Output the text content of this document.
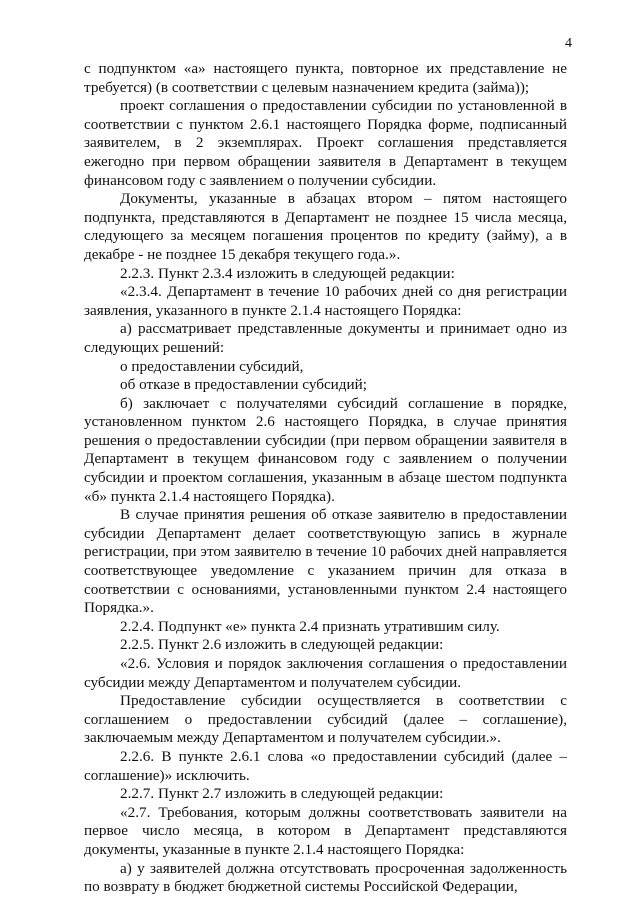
4

с подпунктом «а» настоящего пункта, повторное их представление не требуется) (в соответствии с целевым назначением кредита (займа));

проект соглашения о предоставлении субсидии по установленной в соответствии с пунктом 2.6.1 настоящего Порядка форме, подписанный заявителем, в 2 экземплярах. Проект соглашения представляется ежегодно при первом обращении заявителя в Департамент в текущем финансовом году с заявлением о получении субсидии.

Документы, указанные в абзацах втором – пятом настоящего подпункта, представляются в Департамент не позднее 15 числа месяца, следующего за месяцем погашения процентов по кредиту (займу), а в декабре - не позднее 15 декабря текущего года.».

2.2.3. Пункт 2.3.4 изложить в следующей редакции:

«2.3.4. Департамент в течение 10 рабочих дней со дня регистрации заявления, указанного в пункте 2.1.4 настоящего Порядка:

а) рассматривает представленные документы и принимает одно из следующих решений:

о предоставлении субсидий,

об отказе в предоставлении субсидий;

б) заключает с получателями субсидий соглашение в порядке, установленном пунктом 2.6 настоящего Порядка, в случае принятия решения о предоставлении субсидии (при первом обращении заявителя в Департамент в текущем финансовом году с заявлением о получении субсидии и проектом соглашения, указанным в абзаце шестом подпункта «б» пункта 2.1.4 настоящего Порядка).

В случае принятия решения об отказе заявителю в предоставлении субсидии Департамент делает соответствующую запись в журнале регистрации, при этом заявителю в течение 10 рабочих дней направляется соответствующее уведомление с указанием причин для отказа в соответствии с основаниями, установленными пунктом 2.4 настоящего Порядка.».

2.2.4. Подпункт «е» пункта 2.4 признать утратившим силу.

2.2.5. Пункт 2.6 изложить в следующей редакции:

«2.6. Условия и порядок заключения соглашения о предоставлении субсидии между Департаментом и получателем субсидии.

Предоставление субсидии осуществляется в соответствии с соглашением о предоставлении субсидий (далее – соглашение), заключаемым между Департаментом и получателем субсидии.».

2.2.6. В пункте 2.6.1 слова «о предоставлении субсидий (далее – соглашение)» исключить.

2.2.7. Пункт 2.7 изложить в следующей редакции:

«2.7. Требования, которым должны соответствовать заявители на первое число месяца, в котором в Департамент представляются документы, указанные в пункте 2.1.4 настоящего Порядка:

а) у заявителей должна отсутствовать просроченная задолженность по возврату в бюджет бюджетной системы Российской Федерации,
